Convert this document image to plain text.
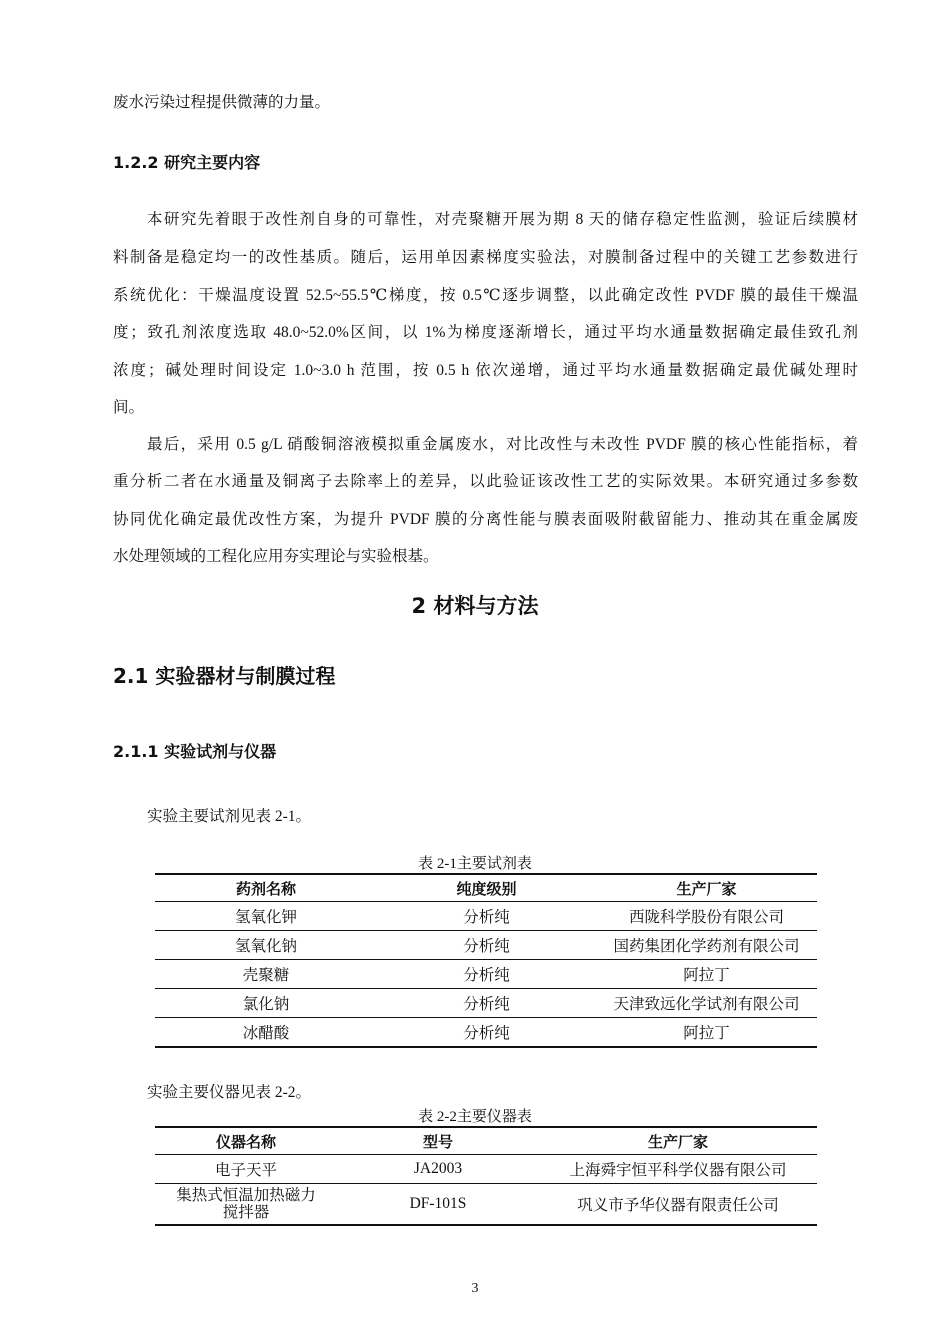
废水污染过程提供微薄的力量。
1.2.2 研究主要内容
本研究先着眼于改性剂自身的可靠性，对壳聚糖开展为期 8 天的储存稳定性监测，验证后续膜材
料制备是稳定均一的改性基质。随后，运用单因素梯度实验法，对膜制备过程中的关键工艺参数进行
系统优化：干燥温度设置 52.5~55.5℃梯度，按 0.5℃逐步调整，以此确定改性 PVDF 膜的最佳干燥温
度；致孔剂浓度选取 48.0~52.0%区间，以 1%为梯度逐渐增长，通过平均水通量数据确定最佳致孔剂
浓度；碱处理时间设定 1.0~3.0 h 范围，按 0.5 h 依次递增，通过平均水通量数据确定最优碱处理时
间。
最后，采用 0.5 g/L 硝酸铜溶液模拟重金属废水，对比改性与未改性 PVDF 膜的核心性能指标，着
重分析二者在水通量及铜离子去除率上的差异，以此验证该改性工艺的实际效果。本研究通过多参数
协同优化确定最优改性方案，为提升 PVDF 膜的分离性能与膜表面吸附截留能力、推动其在重金属废
水处理领域的工程化应用夯实理论与实验根基。
2 材料与方法
2.1 实验器材与制膜过程
2.1.1 实验试剂与仪器
实验主要试剂见表 2-1。
表 2-1主要试剂表
药剂名称	纯度级别	生产厂家
氢氧化钾	分析纯	西陇科学股份有限公司
氢氧化钠	分析纯	国药集团化学药剂有限公司
壳聚糖	分析纯	阿拉丁
氯化钠	分析纯	天津致远化学试剂有限公司
冰醋酸	分析纯	阿拉丁
实验主要仪器见表 2-2。
表 2-2主要仪器表
仪器名称	型号	生产厂家
电子天平	JA2003	上海舜宇恒平科学仪器有限公司
集热式恒温加热磁力
搅拌器	DF-101S	巩义市予华仪器有限责任公司
3
